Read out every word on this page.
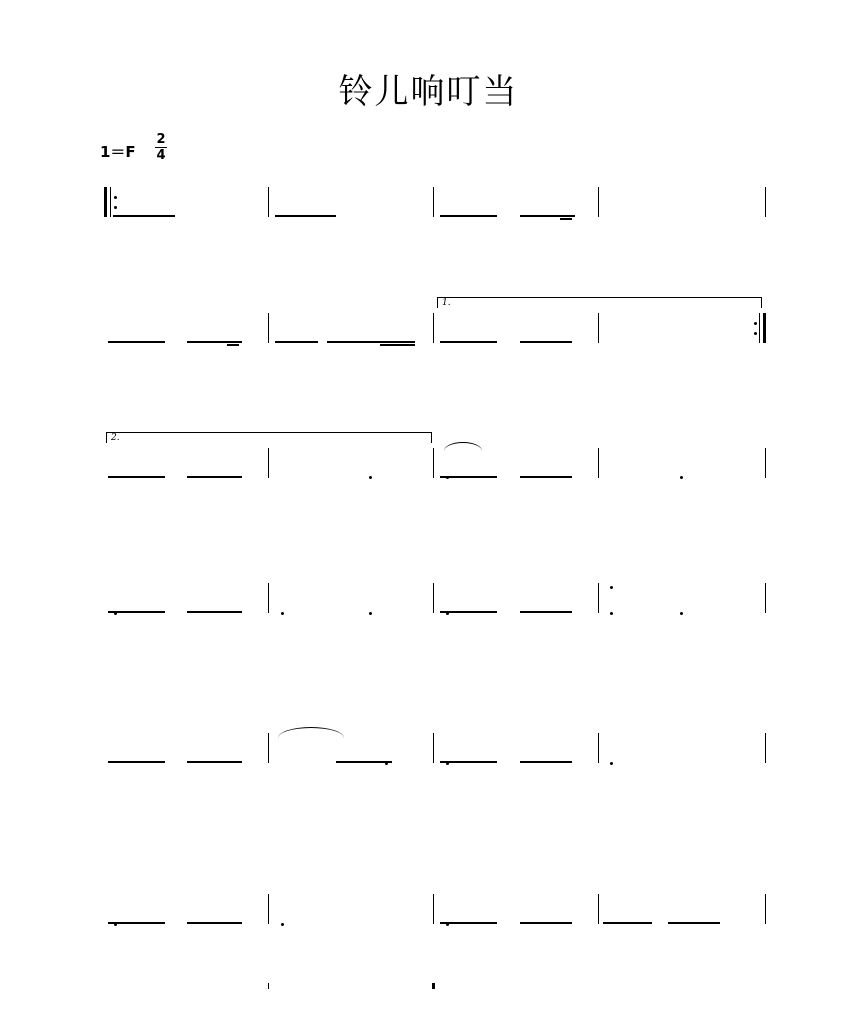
铃儿响叮当
1＝F
2
4
1.
2.
